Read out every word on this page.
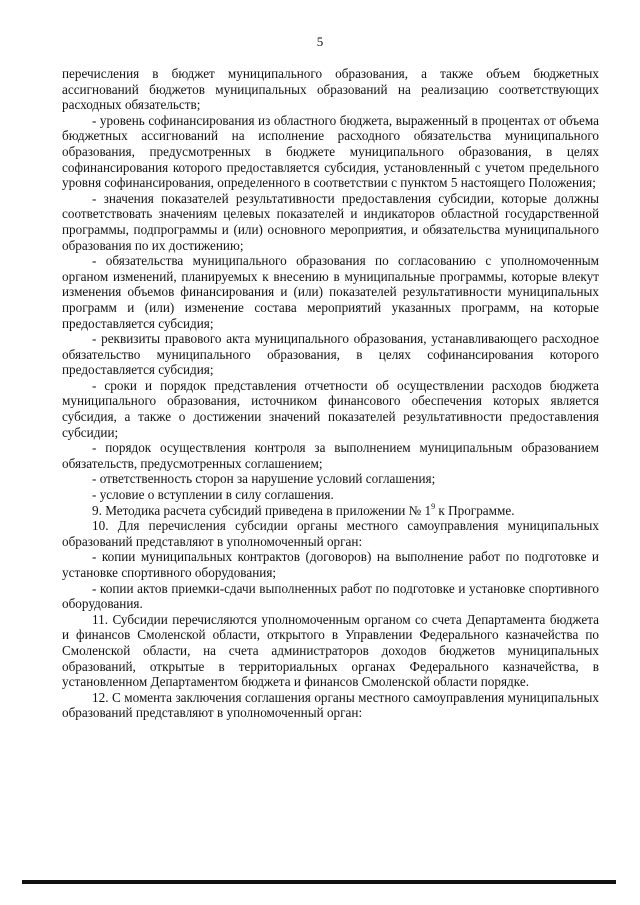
5

перечисления в бюджет муниципального образования, а также объем бюджетных ассигнований бюджетов муниципальных образований на реализацию соответствующих расходных обязательств;

- уровень софинансирования из областного бюджета, выраженный в процентах от объема бюджетных ассигнований на исполнение расходного обязательства муниципального образования, предусмотренных в бюджете муниципального образования, в целях софинансирования которого предоставляется субсидия, установленный с учетом предельного уровня софинансирования, определенного в соответствии с пунктом 5 настоящего Положения;

- значения показателей результативности предоставления субсидии, которые должны соответствовать значениям целевых показателей и индикаторов областной государственной программы, подпрограммы и (или) основного мероприятия, и обязательства муниципального образования по их достижению;

- обязательства муниципального образования по согласованию с уполномоченным органом изменений, планируемых к внесению в муниципальные программы, которые влекут изменения объемов финансирования и (или) показателей результативности муниципальных программ и (или) изменение состава мероприятий указанных программ, на которые предоставляется субсидия;

- реквизиты правового акта муниципального образования, устанавливающего расходное обязательство муниципального образования, в целях софинансирования которого предоставляется субсидия;

- сроки и порядок представления отчетности об осуществлении расходов бюджета муниципального образования, источником финансового обеспечения которых является субсидия, а также о достижении значений показателей результативности предоставления субсидии;

- порядок осуществления контроля за выполнением муниципальным образованием обязательств, предусмотренных соглашением;

- ответственность сторон за нарушение условий соглашения;

- условие о вступлении в силу соглашения.

9. Методика расчета субсидий приведена в приложении № $1^9$ к Программе.

10. Для перечисления субсидии органы местного самоуправления муниципальных образований представляют в уполномоченный орган:

- копии муниципальных контрактов (договоров) на выполнение работ по подготовке и установке спортивного оборудования;

- копии актов приемки-сдачи выполненных работ по подготовке и установке спортивного оборудования.

11. Субсидии перечисляются уполномоченным органом со счета Департамента бюджета и финансов Смоленской области, открытого в Управлении Федерального казначейства по Смоленской области, на счета администраторов доходов бюджетов муниципальных образований, открытые в территориальных органах Федерального казначейства, в установленном Департаментом бюджета и финансов Смоленской области порядке.

12. С момента заключения соглашения органы местного самоуправления муниципальных образований представляют в уполномоченный орган:
